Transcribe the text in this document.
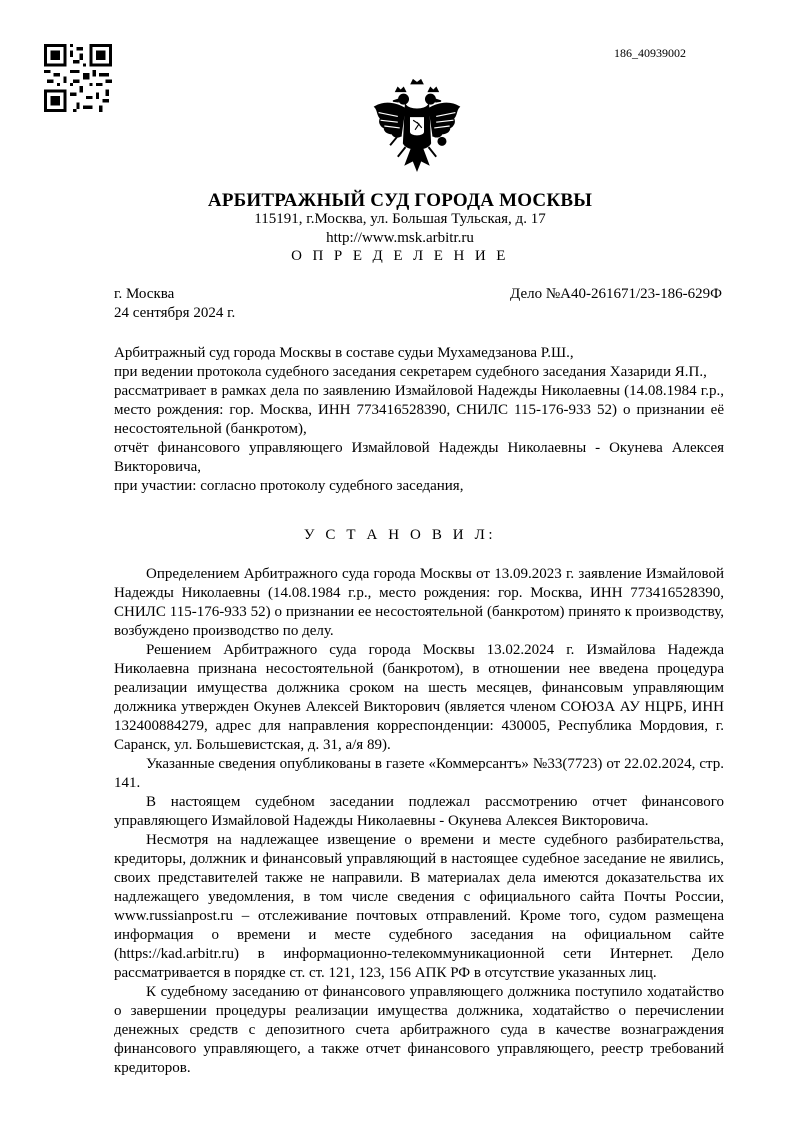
186_40939002
АРБИТРАЖНЫЙ СУД ГОРОДА МОСКВЫ
115191, г.Москва, ул. Большая Тульская, д. 17
http://www.msk.arbitr.ru
О П Р Е Д Е Л Е Н И Е
г. Москва
24 сентября 2024 г.
Дело №А40-261671/23-186-629Ф

Арбитражный суд города Москвы в составе судьи Мухамедзанова Р.Ш.,

при ведении протокола судебного заседания секретарем судебного заседания Хазариди Я.П.,

рассматривает в рамках дела по заявлению Измайловой Надежды Николаевны (14.08.1984 г.р., место рождения: гор. Москва, ИНН 773416528390, СНИЛС 115-176-933 52) о признании её несостоятельной (банкротом),

отчёт финансового управляющего Измайловой Надежды Николаевны - Окунева Алексея Викторовича,

при участии: согласно протоколу судебного заседания,

У С Т А Н О В И Л:

Определением Арбитражного суда города Москвы от 13.09.2023 г. заявление Измайловой Надежды Николаевны (14.08.1984 г.р., место рождения: гор. Москва, ИНН 773416528390, СНИЛС 115-176-933 52) о признании ее несостоятельной (банкротом) принято к производству, возбуждено производство по делу.

Решением Арбитражного суда города Москвы 13.02.2024 г. Измайлова Надежда Николаевна признана несостоятельной (банкротом), в отношении нее введена процедура реализации имущества должника сроком на шесть месяцев, финансовым управляющим должника утвержден Окунев Алексей Викторович (является членом СОЮЗА АУ НЦРБ, ИНН 132400884279, адрес для направления корреспонденции: 430005, Республика Мордовия, г. Саранск, ул. Большевистская, д. 31, а/я 89).

Указанные сведения опубликованы в газете «Коммерсантъ» №33(7723) от 22.02.2024, стр. 141.

В настоящем судебном заседании подлежал рассмотрению отчет финансового управляющего Измайловой Надежды Николаевны - Окунева Алексея Викторовича.

Несмотря на надлежащее извещение о времени и месте судебного разбирательства, кредиторы, должник и финансовый управляющий в настоящее судебное заседание не явились, своих представителей также не направили. В материалах дела имеются доказательства их надлежащего уведомления, в том числе сведения с официального сайта Почты России, www.russianpost.ru – отслеживание почтовых отправлений. Кроме того, судом размещена информация о времени и месте судебного заседания на официальном сайте (https://kad.arbitr.ru) в информационно-телекоммуникационной сети Интернет. Дело рассматривается в порядке ст. ст. 121, 123, 156 АПК РФ в отсутствие указанных лиц.

К судебному заседанию от финансового управляющего должника поступило ходатайство о завершении процедуры реализации имущества должника, ходатайство о перечислении денежных средств с депозитного счета арбитражного суда в качестве вознаграждения финансового управляющего, а также отчет финансового управляющего, реестр требований кредиторов.
